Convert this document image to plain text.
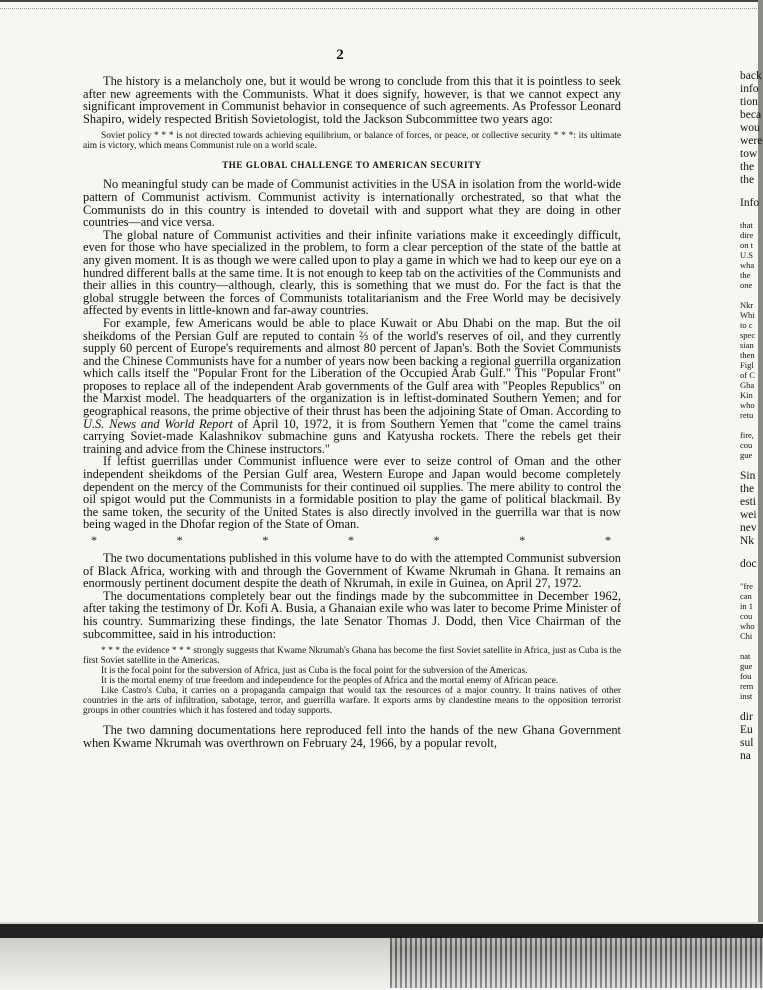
2

The history is a melancholy one, but it would be wrong to conclude from this that it is pointless to seek after new agreements with the Communists. What it does signify, however, is that we cannot expect any significant improvement in Communist behavior in consequence of such agreements. As Professor Leonard Shapiro, widely respected British Sovietologist, told the Jackson Subcommittee two years ago:

Soviet policy * * * is not directed towards achieving equilibrium, or balance of forces, or peace, or collective security * * *: its ultimate aim is victory, which means Communist rule on a world scale.
THE GLOBAL CHALLENGE TO AMERICAN SECURITY

No meaningful study can be made of Communist activities in the USA in isolation from the world-wide pattern of Communist activism. Communist activity is internationally orchestrated, so that what the Communists do in this country is intended to dovetail with and support what they are doing in other countries—and vice versa.

The global nature of Communist activities and their infinite variations make it exceedingly difficult, even for those who have specialized in the problem, to form a clear perception of the state of the battle at any given moment. It is as though we were called upon to play a game in which we had to keep our eye on a hundred different balls at the same time. It is not enough to keep tab on the activities of the Communists and their allies in this country—although, clearly, this is something that we must do. For the fact is that the global struggle between the forces of Communists totalitarianism and the Free World may be decisively affected by events in little-known and far-away countries.

For example, few Americans would be able to place Kuwait or Abu Dhabi on the map. But the oil sheikdoms of the Persian Gulf are reputed to contain ⅔ of the world's reserves of oil, and they currently supply 60 percent of Europe's requirements and almost 80 percent of Japan's. Both the Soviet Communists and the Chinese Communists have for a number of years now been backing a regional guerrilla organization which calls itself the "Popular Front for the Liberation of the Occupied Arab Gulf." This "Popular Front" proposes to replace all of the independent Arab governments of the Gulf area with "Peoples Republics" on the Marxist model. The headquarters of the organization is in leftist-dominated Southern Yemen; and for geographical reasons, the prime objective of their thrust has been the adjoining State of Oman. According to U.S. News and World Report of April 10, 1972, it is from Southern Yemen that "come the camel trains carrying Soviet-made Kalashnikov submachine guns and Katyusha rockets. There the rebels get their training and advice from the Chinese instructors."

If leftist guerrillas under Communist influence were ever to seize control of Oman and the other independent sheikdoms of the Persian Gulf area, Western Europe and Japan would become completely dependent on the mercy of the Communists for their continued oil supplies. The mere ability to control the oil spigot would put the Communists in a formidable position to play the game of political blackmail. By the same token, the security of the United States is also directly involved in the guerrilla war that is now being waged in the Dhofar region of the State of Oman.

*	*	*	*	*	*	*

The two documentations published in this volume have to do with the attempted Communist subversion of Black Africa, working with and through the Government of Kwame Nkrumah in Ghana. It remains an enormously pertinent document despite the death of Nkrumah, in exile in Guinea, on April 27, 1972.

The documentations completely bear out the findings made by the subcommittee in December 1962, after taking the testimony of Dr. Kofi A. Busia, a Ghanaian exile who was later to become Prime Minister of his country. Summarizing these findings, the late Senator Thomas J. Dodd, then Vice Chairman of the subcommittee, said in his introduction:

* * * the evidence * * * strongly suggests that Kwame Nkrumah's Ghana has become the first Soviet satellite in Africa, just as Cuba is the first Soviet satellite in the Americas.
It is the focal point for the subversion of Africa, just as Cuba is the focal point for the subversion of the Americas.
It is the mortal enemy of true freedom and independence for the peoples of Africa and the mortal enemy of African peace.
Like Castro's Cuba, it carries on a propaganda campaign that would tax the resources of a major country. It trains natives of other countries in the arts of infiltration, sabotage, terror, and guerrilla warfare. It exports arms by clandestine means to the opposition terrorist groups in other countries which it has fostered and today supports.

The two damning documentations here reproduced fell into the hands of the new Ghana Government when Kwame Nkrumah was overthrown on February 24, 1966, by a popular revolt,

back
info
tion
beca
wou
were
tow
the
the
Info
that
dire
on t
U.S
wha
the
one
Nkr
Whi
to c
spec
sian
then
Figl
of C
Gha
Kin
who
retu
fire,
cou
gue
Sin
the
esti
wei
nev
Nk
doc
"fre
can
in 1
cou
who
Chi
nat
gue
fou
rem
inst
dir
Eu
sul
na
